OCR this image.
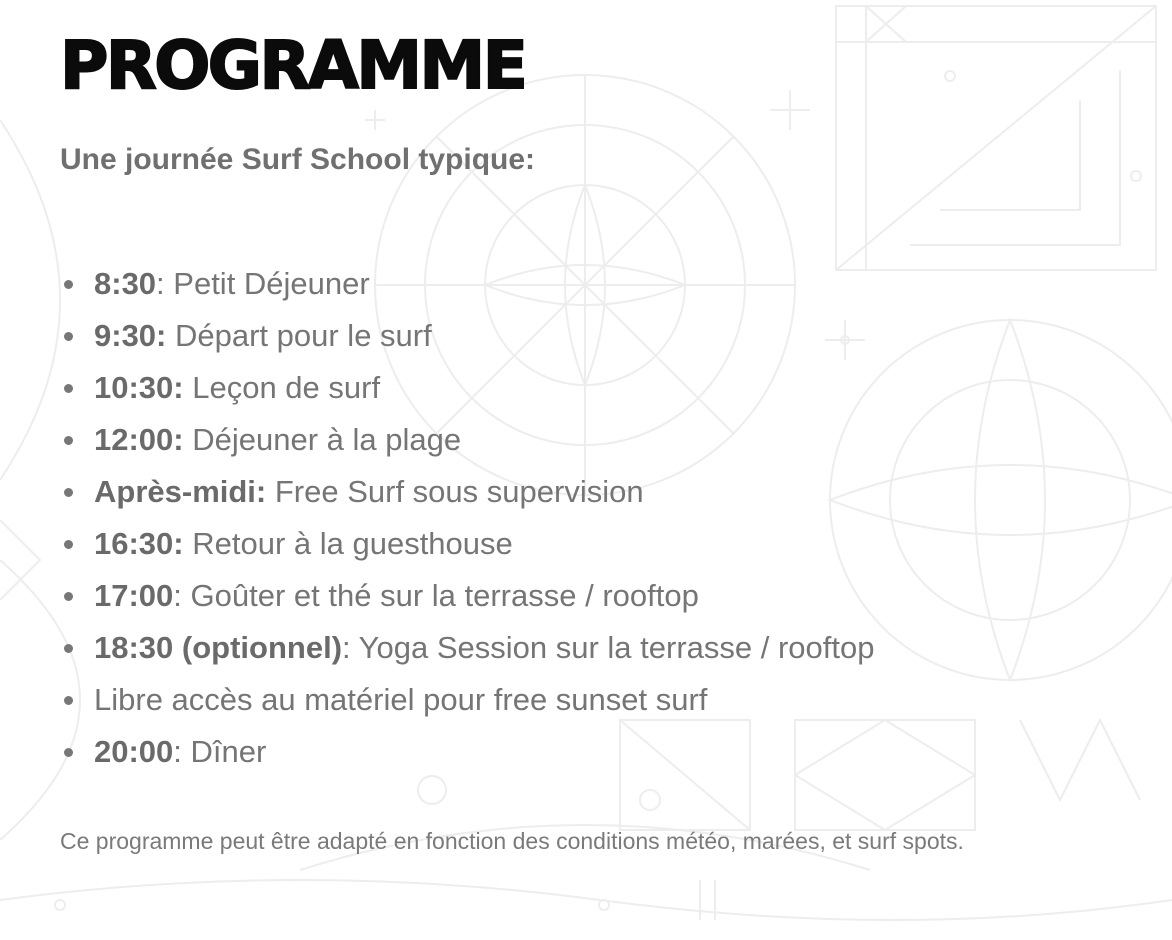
PROGRAMME
Une journée Surf School typique:
8:30: Petit Déjeuner
9:30: Départ pour le surf
10:30: Leçon de surf
12:00: Déjeuner à la plage
Après-midi: Free Surf sous supervision
16:30: Retour à la guesthouse
17:00: Goûter et thé sur la terrasse / rooftop
18:30 (optionnel): Yoga Session sur la terrasse / rooftop
Libre accès au matériel pour free sunset surf
20:00: Dîner

Ce programme peut être adapté en fonction des conditions météo, marées, et surf spots.
